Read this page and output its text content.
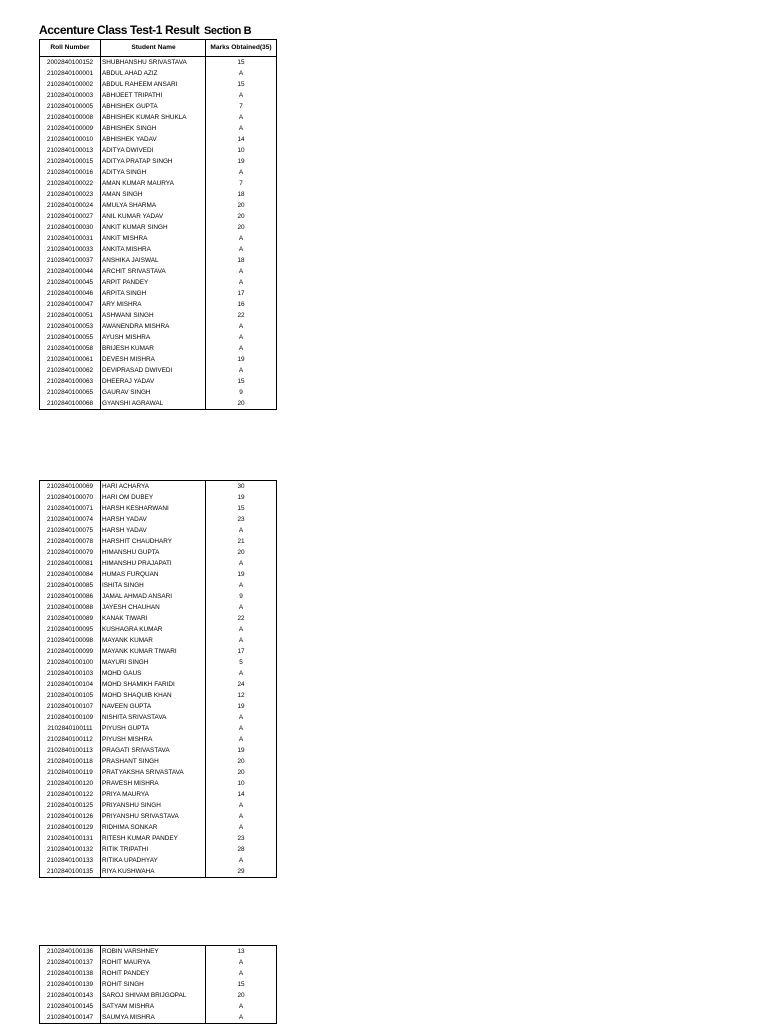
Accenture Class Test-1 Result Section B
Roll Number	Student Name	Marks Obtained(35)
2002840100152	SHUBHANSHU SRIVASTAVA	15
2102840100001	ABDUL AHAD AZIZ	A
2102840100002	ABDUL RAHEEM ANSARI	15
2102840100003	ABHIJEET TRIPATHI	A
2102840100005	ABHISHEK GUPTA	7
2102840100008	ABHISHEK KUMAR SHUKLA	A
2102840100009	ABHISHEK SINGH	A
2102840100010	ABHISHEK YADAV	14
2102840100013	ADITYA DWIVEDI	10
2102840100015	ADITYA PRATAP SINGH	19
2102840100016	ADITYA SINGH	A
2102840100022	AMAN KUMAR MAURYA	7
2102840100023	AMAN SINGH	18
2102840100024	AMULYA SHARMA	20
2102840100027	ANIL KUMAR YADAV	20
2102840100030	ANKIT KUMAR SINGH	20
2102840100031	ANKIT MISHRA	A
2102840100033	ANKITA MISHRA	A
2102840100037	ANSHIKA JAISWAL	18
2102840100044	ARCHIT SRIVASTAVA	A
2102840100045	ARPIT PANDEY	A
2102840100046	ARPITA SINGH	17
2102840100047	ARY MISHRA	16
2102840100051	ASHWANI SINGH	22
2102840100053	AWANENDRA MISHRA	A
2102840100055	AYUSH MISHRA	A
2102840100058	BRIJESH KUMAR	A
2102840100061	DEVESH MISHRA	19
2102840100062	DEVIPRASAD DWIVEDI	A
2102840100063	DHEERAJ YADAV	15
2102840100065	GAURAV SINGH	9
2102840100068	GYANSHI AGRAWAL	20
2102840100069	HARI ACHARYA	30
2102840100070	HARI OM DUBEY	19
2102840100071	HARSH KESHARWANI	15
2102840100074	HARSH YADAV	23
2102840100075	HARSH YADAV	A
2102840100078	HARSHIT CHAUDHARY	21
2102840100079	HIMANSHU GUPTA	20
2102840100081	HIMANSHU PRAJAPATI	A
2102840100084	HUMAS FURQUAN	19
2102840100085	ISHITA SINGH	A
2102840100086	JAMAL AHMAD ANSARI	9
2102840100088	JAYESH CHAUHAN	A
2102840100089	KANAK TIWARI	22
2102840100095	KUSHAGRA KUMAR	A
2102840100098	MAYANK KUMAR	A
2102840100099	MAYANK KUMAR TIWARI	17
2102840100100	MAYURI SINGH	5
2102840100103	MOHD GAUS	A
2102840100104	MOHD SHAMIKH FARIDI	24
2102840100105	MOHD SHAQUIB KHAN	12
2102840100107	NAVEEN GUPTA	19
2102840100109	NISHITA SRIVASTAVA	A
2102840100111	PIYUSH GUPTA	A
2102840100112	PIYUSH MISHRA	A
2102840100113	PRAGATI SRIVASTAVA	19
2102840100118	PRASHANT SINGH	20
2102840100119	PRATYAKSHA SRIVASTAVA	20
2102840100120	PRAVESH MISHRA	10
2102840100122	PRIYA MAURYA	14
2102840100125	PRIYANSHU SINGH	A
2102840100126	PRIYANSHU SRIVASTAVA	A
2102840100129	RIDHIMA SONKAR	A
2102840100131	RITESH KUMAR PANDEY	23
2102840100132	RITIK TRIPATHI	28
2102840100133	RITIKA UPADHYAY	A
2102840100135	RIYA KUSHWAHA	29
2102840100136	ROBIN VARSHNEY	13
2102840100137	ROHIT MAURYA	A
2102840100138	ROHIT PANDEY	A
2102840100139	ROHIT SINGH	15
2102840100143	SAROJ SHIVAM BRIJGOPAL	20
2102840100145	SATYAM MISHRA	A
2102840100147	SAUMYA MISHRA	A
